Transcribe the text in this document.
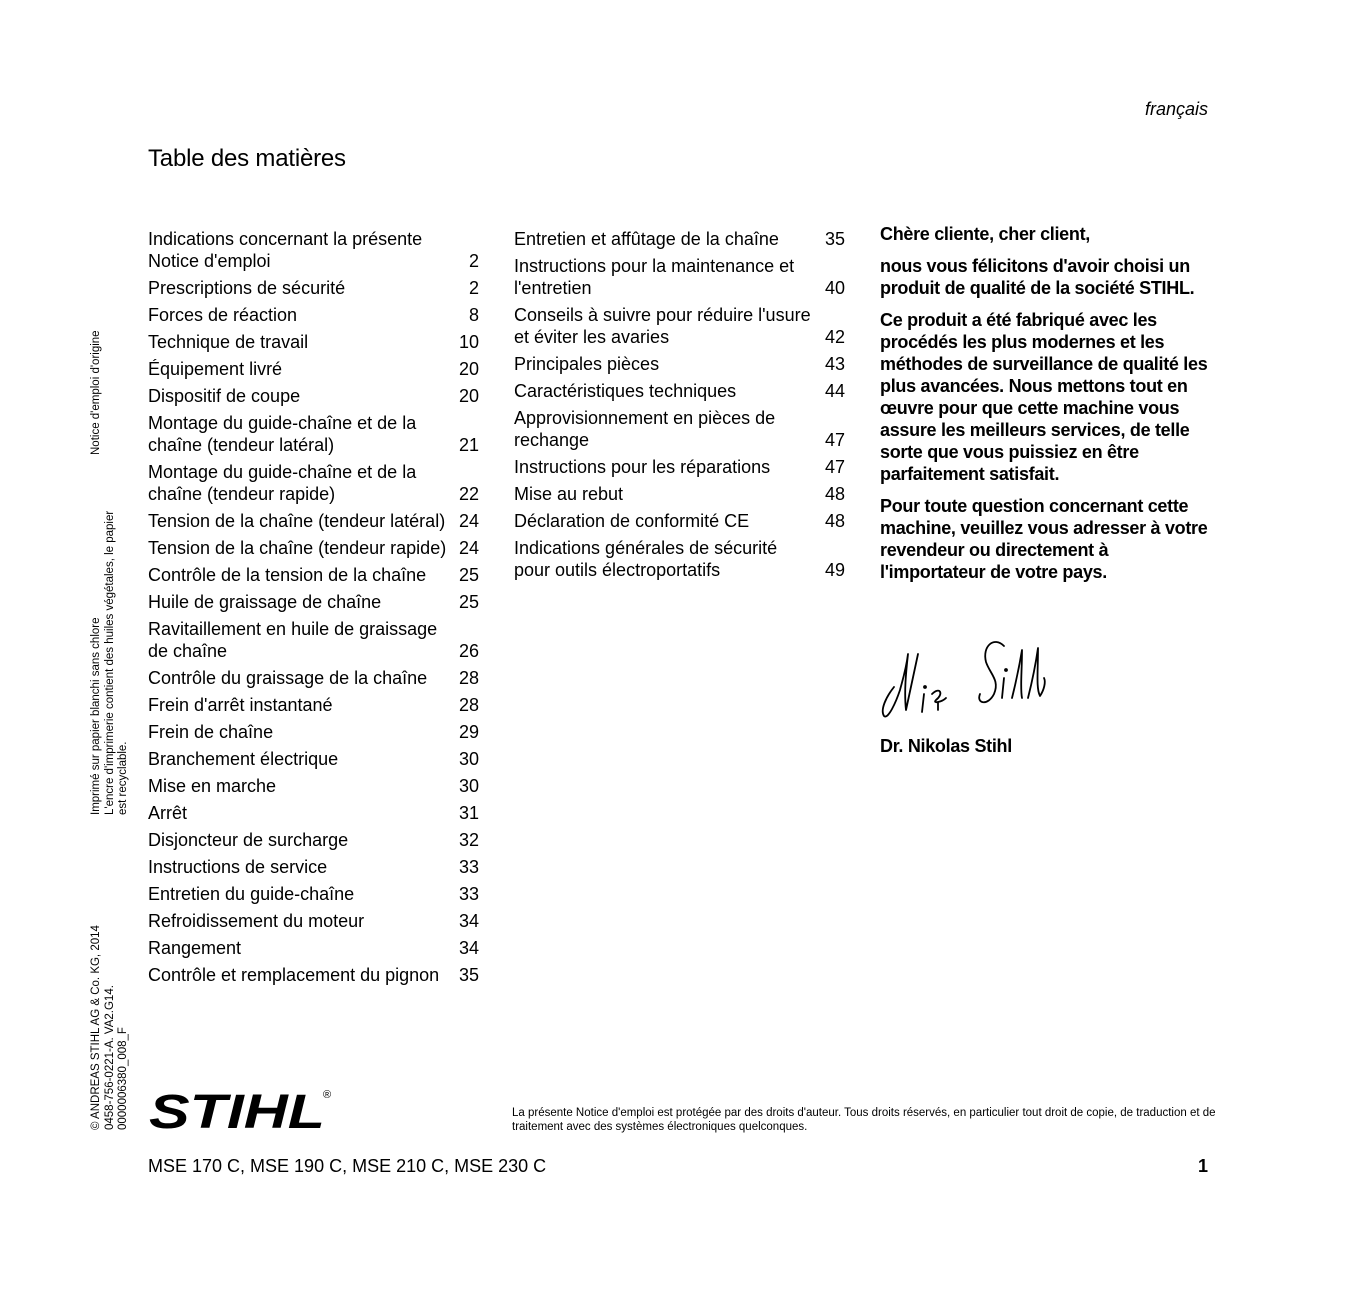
français
Table des matières
Indications concernant la présente Notice d'emploi	2
Prescriptions de sécurité	2
Forces de réaction	8
Technique de travail	10
Équipement livré	20
Dispositif de coupe	20
Montage du guide-chaîne et de la chaîne (tendeur latéral)	21
Montage du guide-chaîne et de la chaîne (tendeur rapide)	22
Tension de la chaîne (tendeur latéral) 24
Tension de la chaîne (tendeur rapide) 24
Contrôle de la tension de la chaîne	25
Huile de graissage de chaîne	25
Ravitaillement en huile de graissage de chaîne	26
Contrôle du graissage de la chaîne	28
Frein d'arrêt instantané	28
Frein de chaîne	29
Branchement électrique	30
Mise en marche	30
Arrêt	31
Disjoncteur de surcharge	32
Instructions de service	33
Entretien du guide-chaîne	33
Refroidissement du moteur	34
Rangement	34
Contrôle et remplacement du pignon	35
Entretien et affûtage de la chaîne	35
Instructions pour la maintenance et l'entretien	40
Conseils à suivre pour réduire l'usure et éviter les avaries	42
Principales pièces	43
Caractéristiques techniques	44
Approvisionnement en pièces de rechange	47
Instructions pour les réparations	47
Mise au rebut	48
Déclaration de conformité CE	48
Indications générales de sécurité pour outils électroportatifs	49

Chère cliente, cher client,

nous vous félicitons d'avoir choisi un produit de qualité de la société STIHL.

Ce produit a été fabriqué avec les procédés les plus modernes et les méthodes de surveillance de qualité les plus avancées. Nous mettons tout en œuvre pour que cette machine vous assure les meilleurs services, de telle sorte que vous puissiez en être parfaitement satisfait.

Pour toute question concernant cette machine, veuillez vous adresser à votre revendeur ou directement à l'importateur de votre pays.

Dr. Nikolas Stihl
Notice d'emploi d'origine
Imprimé sur papier blanchi sans chlore L'encre d'imprimerie contient des huiles végétales, le papier est recyclable.
© ANDREAS STIHL AG & Co. KG, 2014 0458-756-0221-A. VA2.G14. 0000006380_008_F STIHL
®
La présente Notice d'emploi est protégée par des droits d'auteur. Tous droits réservés, en particulier tout droit de copie, de traduction et de traitement avec des systèmes électroniques quelconques.
MSE 170 C, MSE 190 C, MSE 210 C, MSE 230 C	1
